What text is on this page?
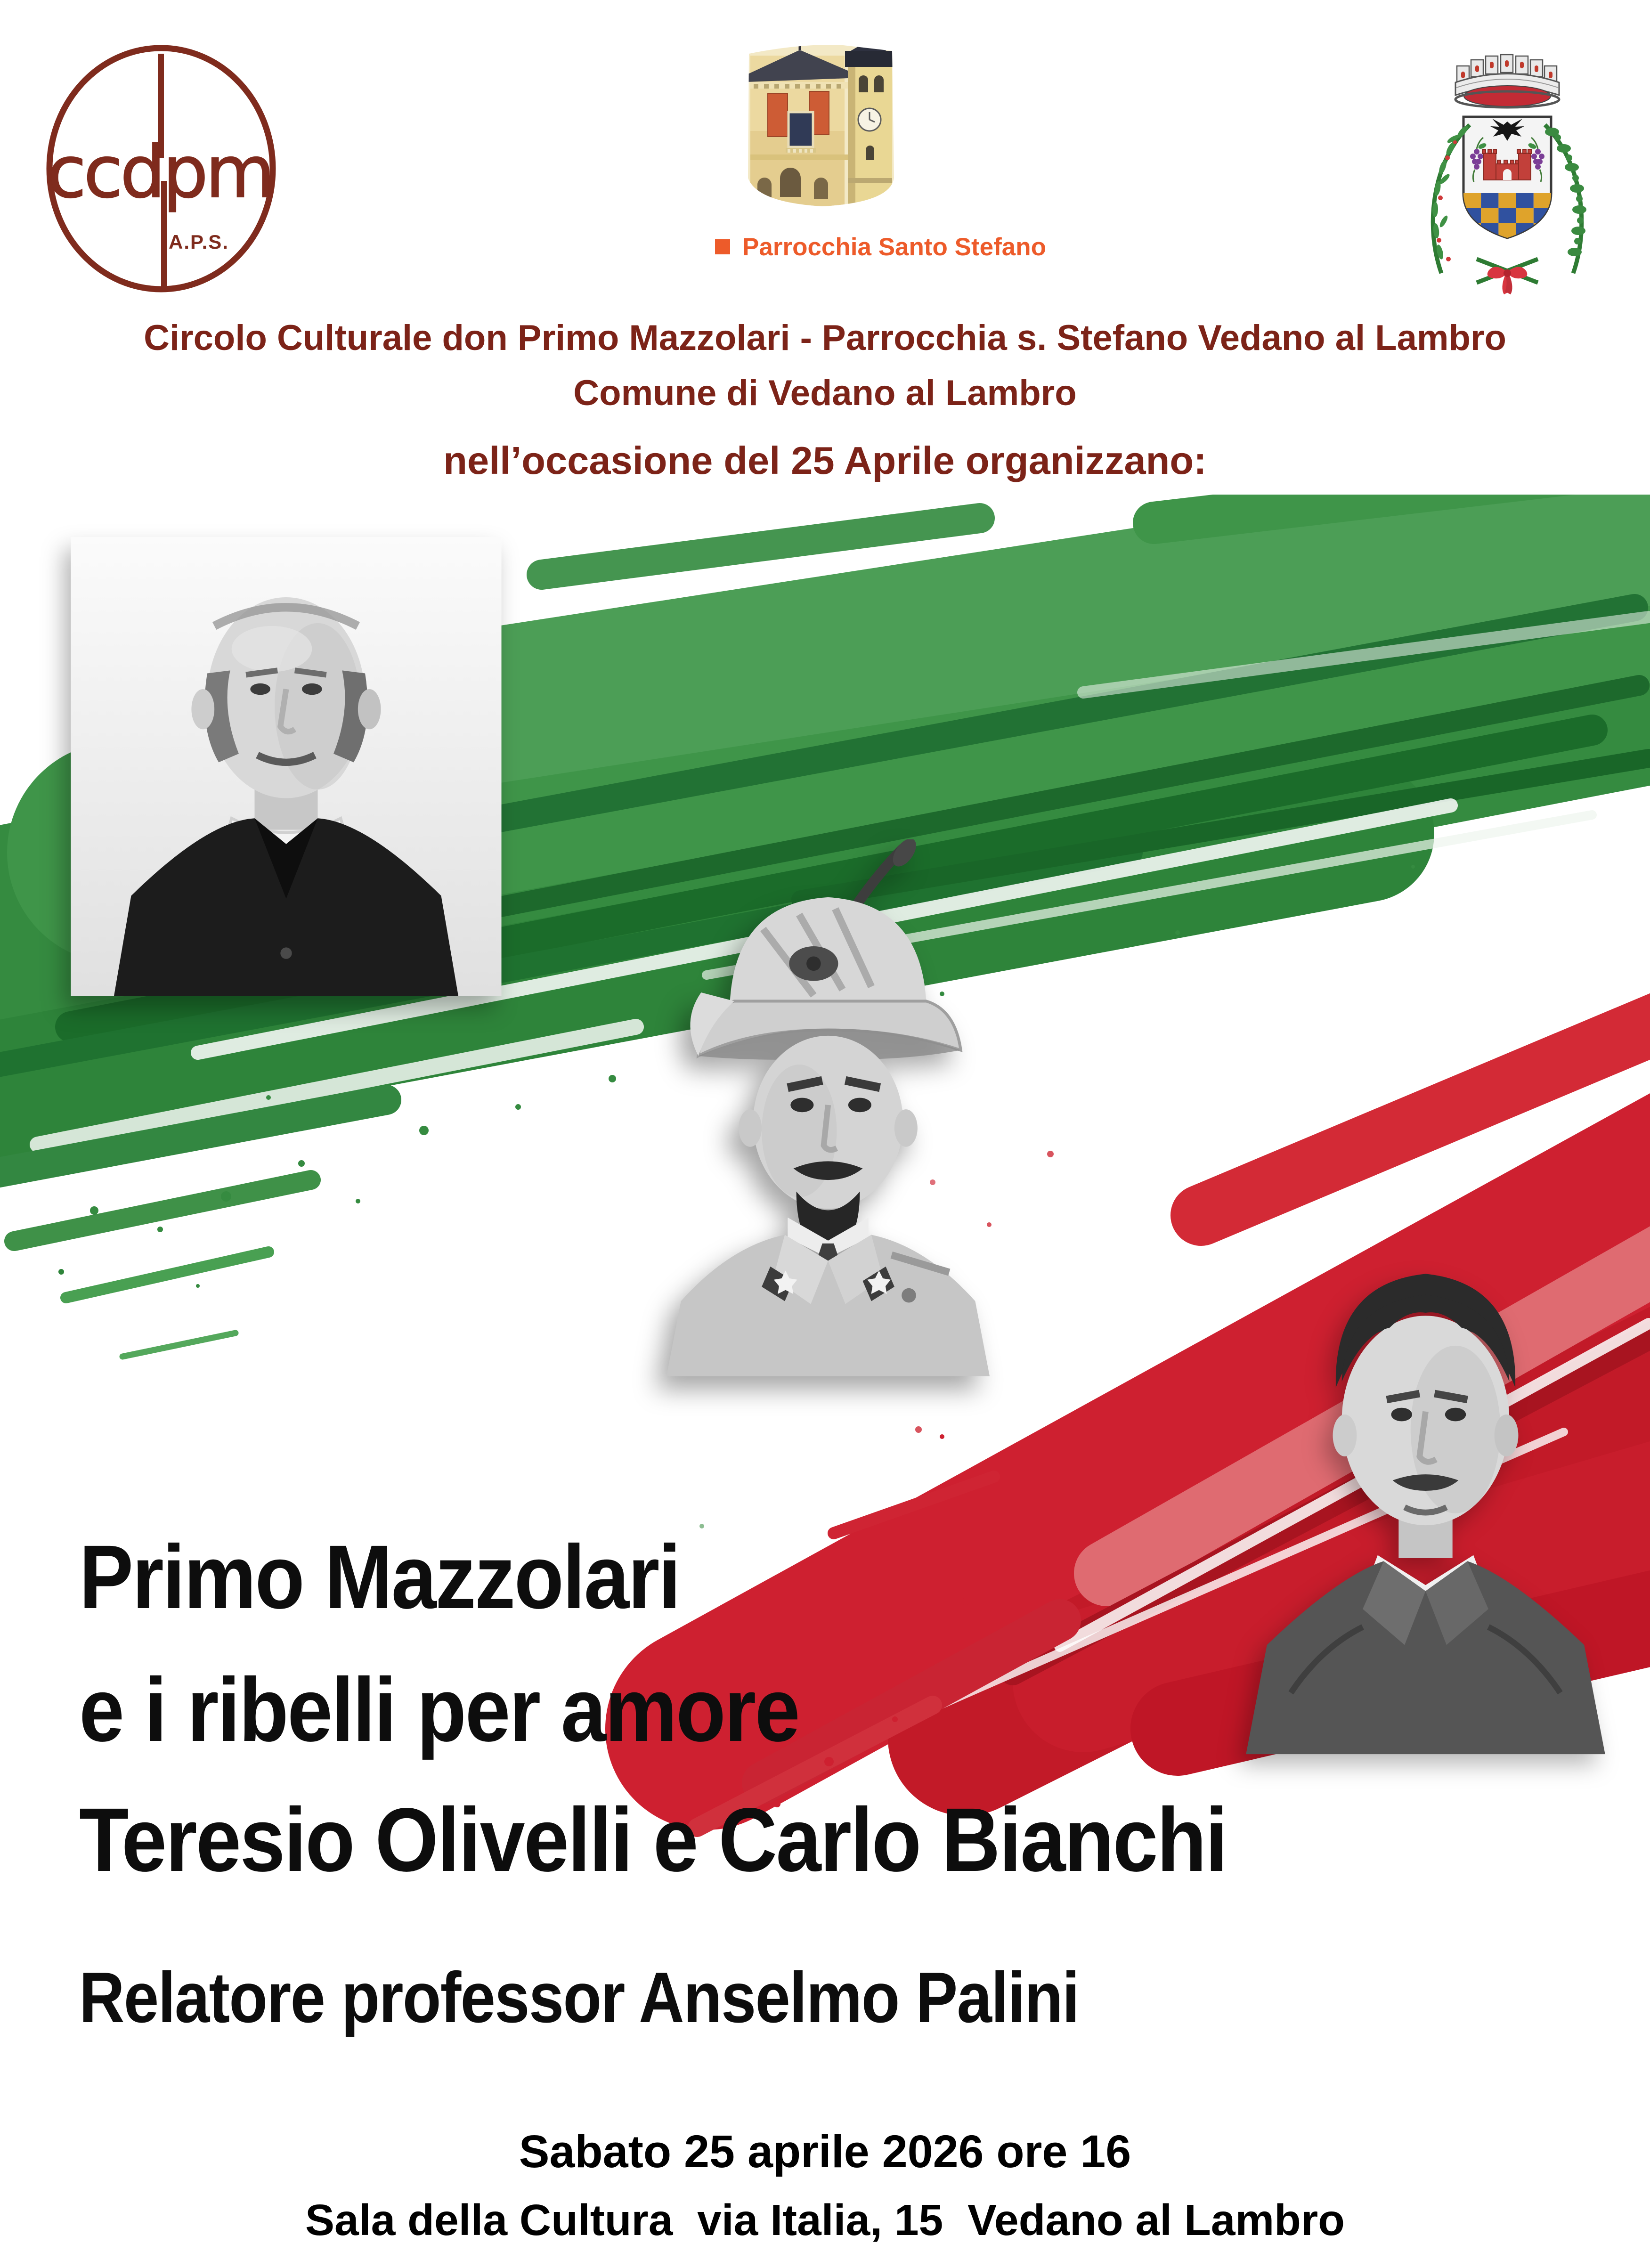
ccdpm
A.P.S.	Parrocchia Santo Stefano
Circolo Culturale don Primo Mazzolari - Parrocchia s. Stefano Vedano al Lambro
Comune di Vedano al Lambro
nell’occasione del 25 Aprile organizzano:
Primo Mazzolari
e i ribelli per amore
Teresio Olivelli e Carlo Bianchi
Relatore professor Anselmo Palini
Sabato 25 aprile 2026 ore 16
Sala della Cultura  via Italia, 15  Vedano al Lambro
